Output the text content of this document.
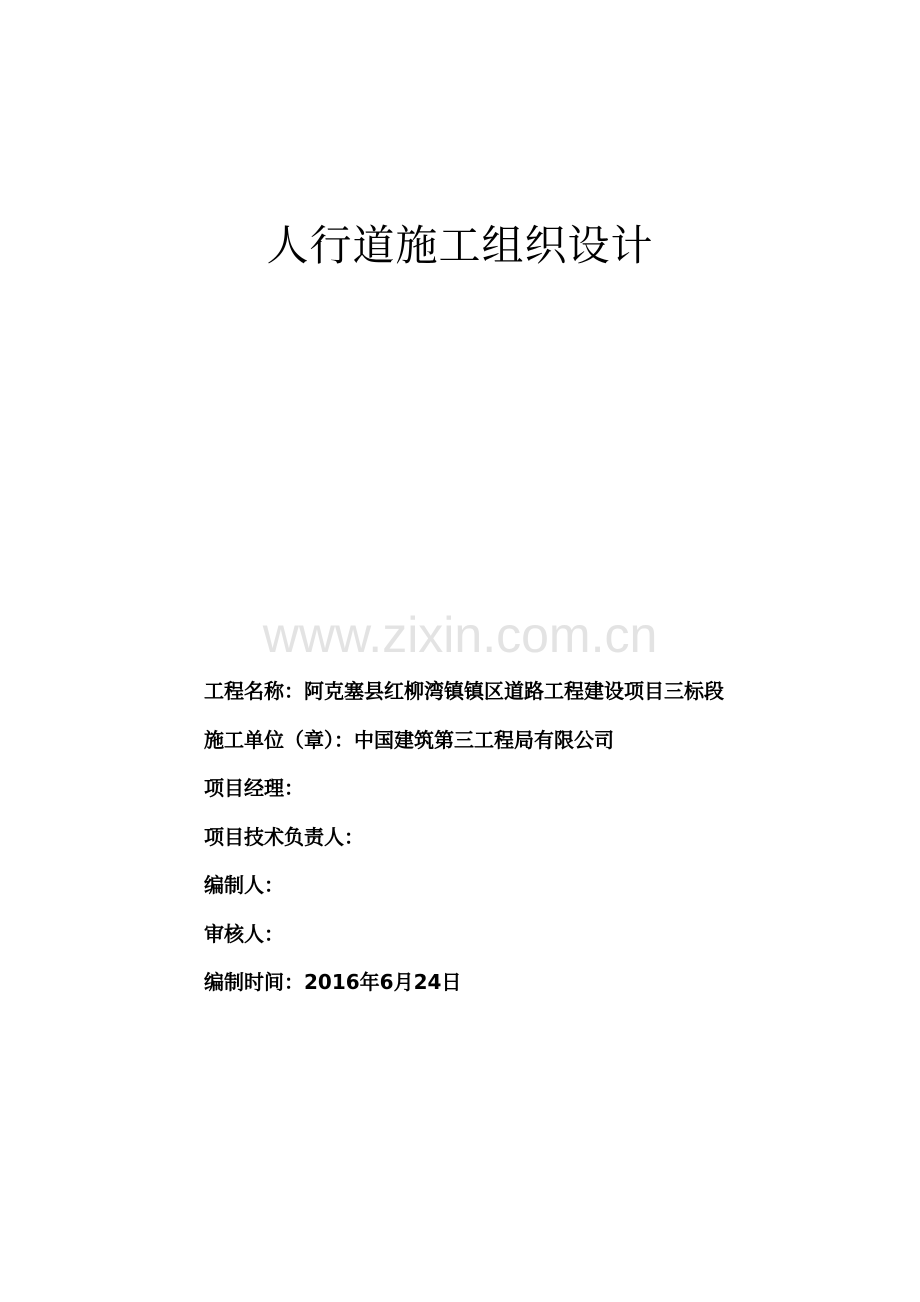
人行道施工组织设计
www.zixin.com.cn
工程名称：阿克塞县红柳湾镇镇区道路工程建设项目三标段
施工单位（章）：中国建筑第三工程局有限公司
项目经理：
项目技术负责人：
编制人：
审核人：
编制时间：2016年6月24日
